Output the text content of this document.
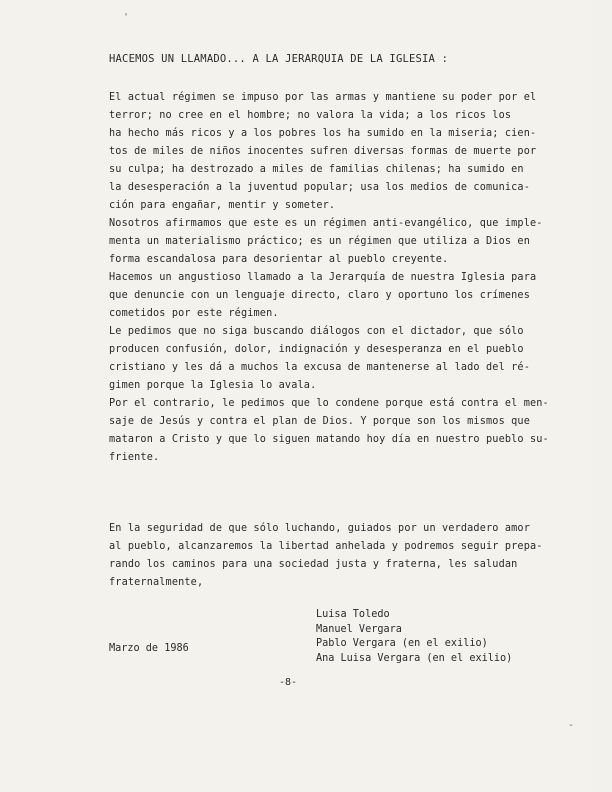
'
-
HACEMOS UN LLAMADO... A LA JERARQUIA DE LA IGLESIA :
El actual régimen se impuso por las armas y mantiene su poder por el
terror; no cree en el hombre; no valora la vida; a los ricos los
ha hecho más ricos y a los pobres los ha sumido en la miseria; cien-
tos de miles de niños inocentes sufren diversas formas de muerte por
su culpa; ha destrozado a miles de familias chilenas; ha sumido en
la desesperación a la juventud popular; usa los medios de comunica-
ción para engañar, mentir y someter.
Nosotros afirmamos que este es un régimen anti-evangélico, que imple-
menta un materialismo práctico; es un régimen que utiliza a Dios en
forma escandalosa para desorientar al pueblo creyente.
Hacemos un angustioso llamado a la Jerarquía de nuestra Iglesia para
que denuncie con un lenguaje directo, claro y oportuno los crímenes
cometidos por este régimen.
Le pedimos que no siga buscando diálogos con el dictador, que sólo
producen confusión, dolor, indignación y desesperanza en el pueblo
cristiano y les dá a muchos la excusa de mantenerse al lado del ré-
gimen porque la Iglesia lo avala.
Por el contrario, le pedimos que lo condene porque está contra el men-
saje de Jesús y contra el plan de Dios. Y porque son los mismos que
mataron a Cristo y que lo siguen matando hoy día en nuestro pueblo su-
friente.
En la seguridad de que sólo luchando, guiados por un verdadero amor
al pueblo, alcanzaremos la libertad anhelada y podremos seguir prepa-
rando los caminos para una sociedad justa y fraterna, les saludan
fraternalmente,
Luisa Toledo
Manuel Vergara
Pablo Vergara (en el exilio)
Ana Luisa Vergara (en el exilio)
Marzo de 1986
-8-
